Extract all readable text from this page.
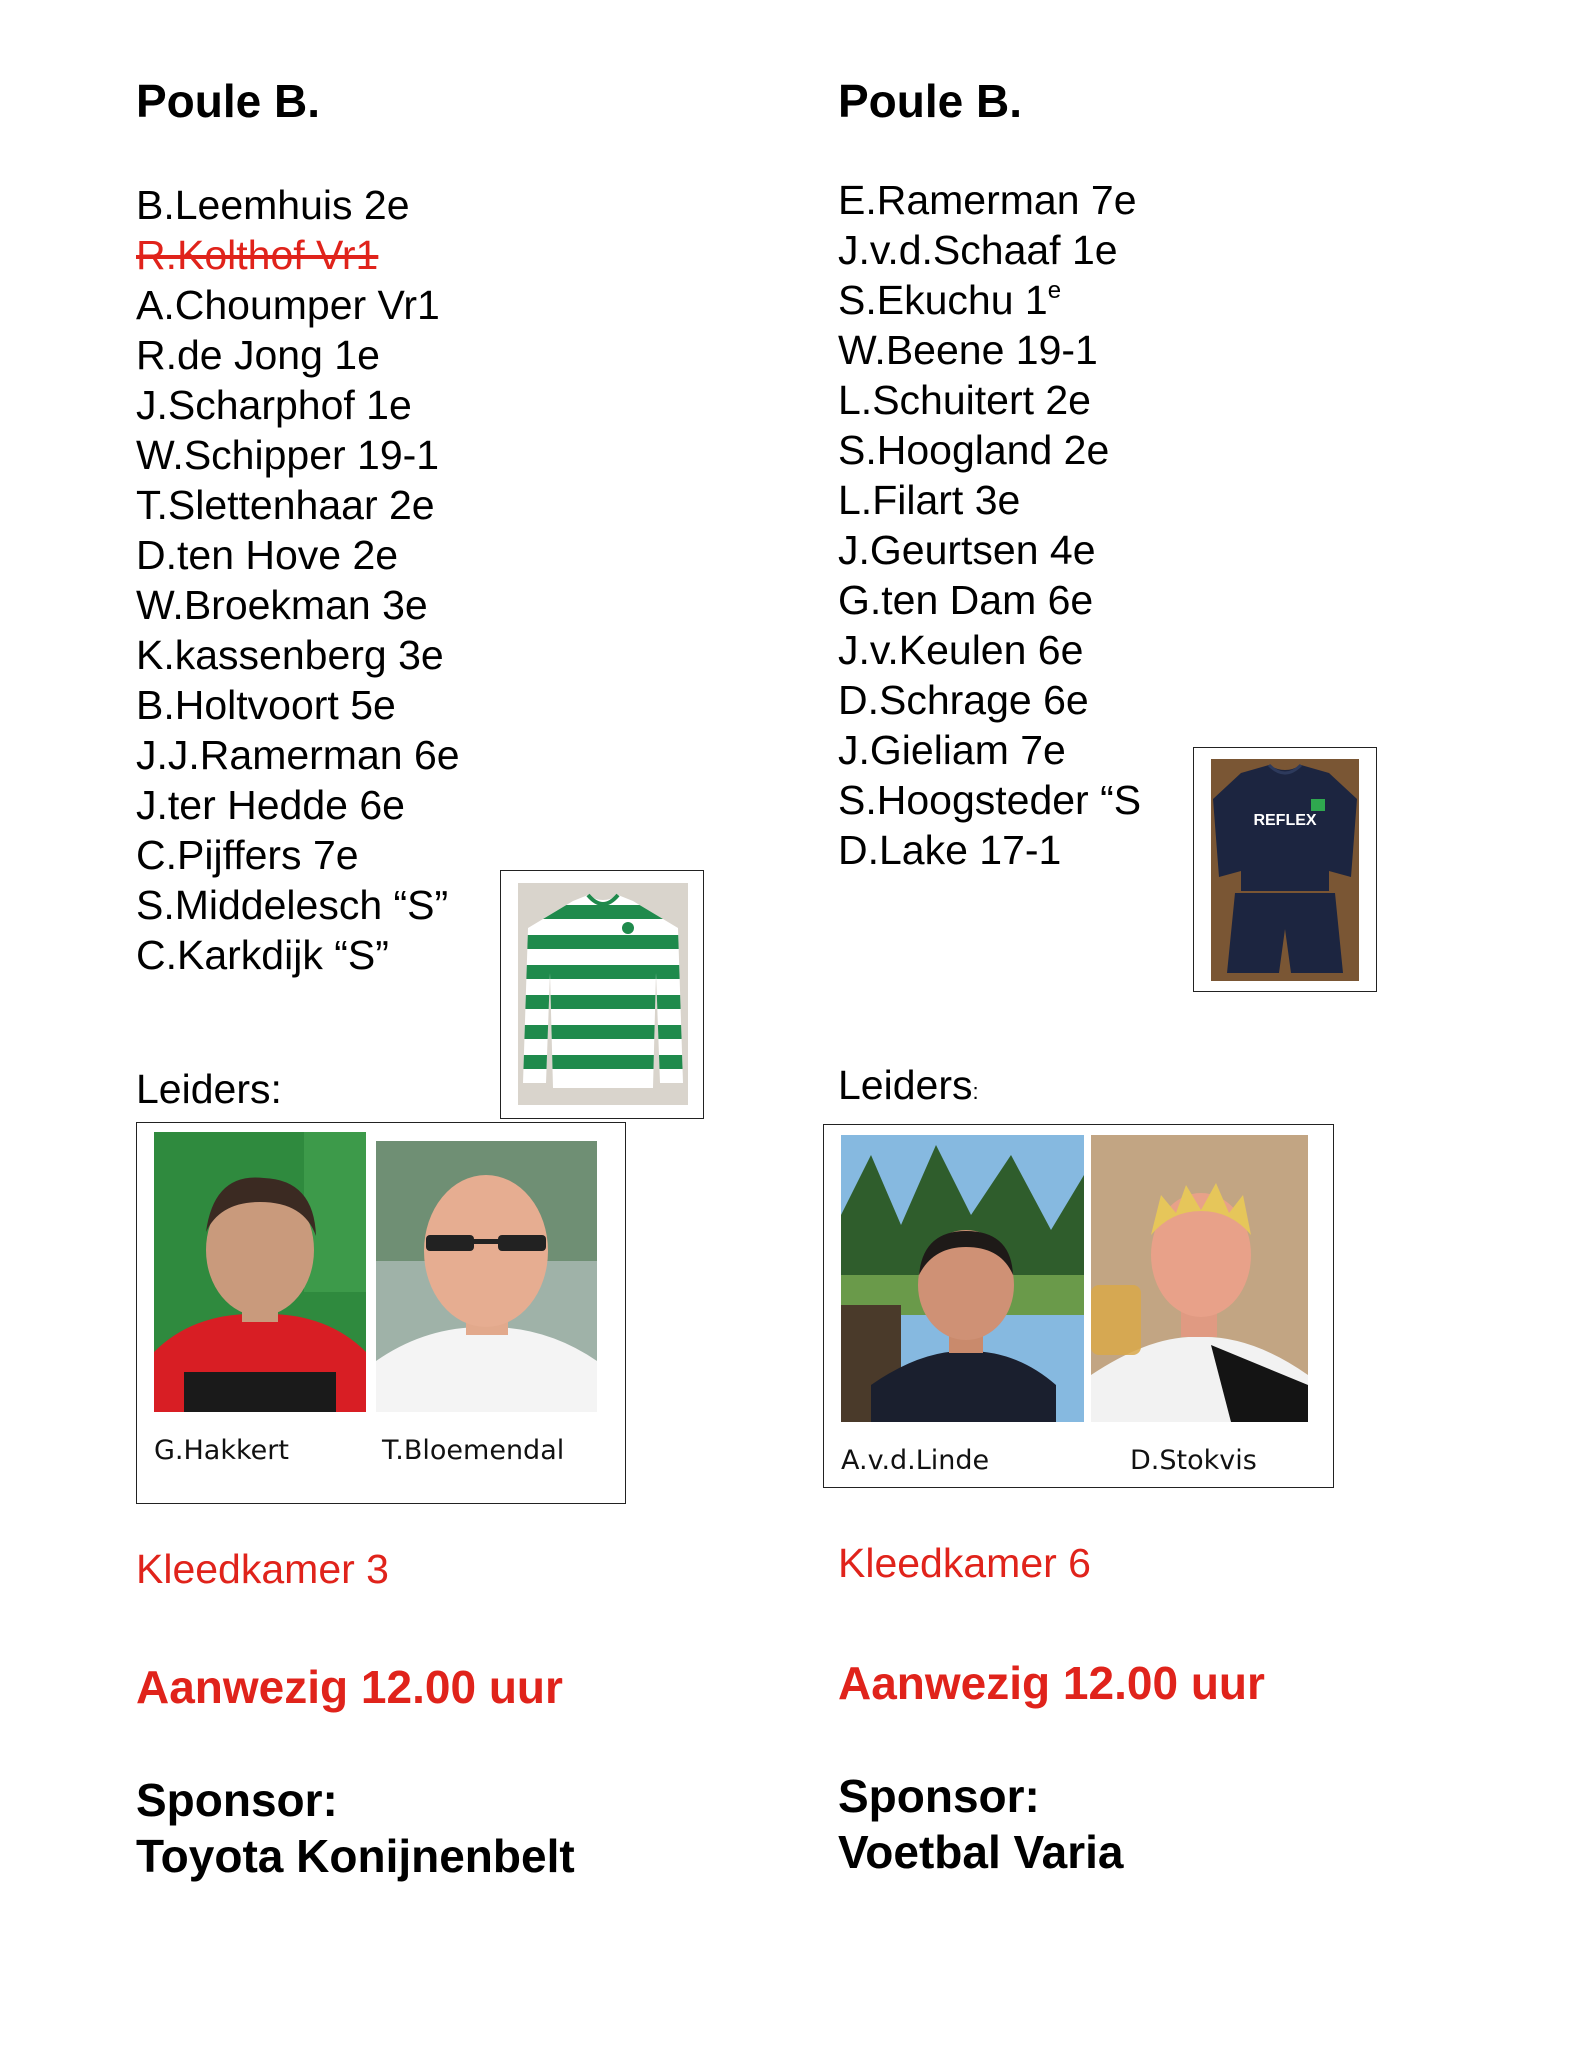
Poule B.
B.Leemhuis 2e
R.Kolthof Vr1
A.Choumper Vr1
R.de Jong 1e
J.Scharphof 1e
W.Schipper 19-1
T.Slettenhaar 2e
D.ten Hove 2e
W.Broekman 3e
K.kassenberg 3e
B.Holtvoort 5e
J.J.Ramerman 6e
J.ter Hedde 6e
C.Pijffers 7e
S.Middelesch “S”
C.Karkdijk “S”
Leiders:
G.Hakkert	T.Bloemendal
Kleedkamer 3
Aanwezig 12.00 uur
Sponsor:
Toyota Konijnenbelt
Poule B.
E.Ramerman 7e
J.v.d.Schaaf 1e
S.Ekuchu 1e
W.Beene 19-1
L.Schuitert 2e
S.Hoogland 2e
L.Filart 3e
J.Geurtsen 4e
G.ten Dam 6e
J.v.Keulen 6e
D.Schrage 6e
J.Gieliam 7e
S.Hoogsteder “S
D.Lake 17-1
REFLEX
Leiders:
A.v.d.Linde	D.Stokvis
Kleedkamer 6
Aanwezig 12.00 uur
Sponsor:
Voetbal Varia
